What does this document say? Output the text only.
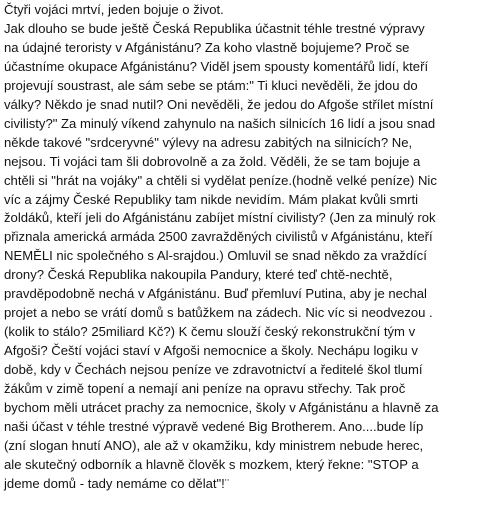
Čtyři vojáci mrtví, jeden bojuje o život.
Jak dlouho se bude ještě Česká Republika účastnit téhle trestné výpravy
na údajné teroristy v Afgánistánu? Za koho vlastně bojujeme? Proč se
účastníme okupace Afgánistánu? Viděl jsem spousty komentářů lidí, kteří
projevují soustrast, ale sám sebe se ptám:" Ti kluci nevěděli, že jdou do
války? Někdo je snad nutil? Oni nevěděli, že jedou do Afgoše střílet místní
civilisty?" Za minulý víkend zahynulo na našich silnicích 16 lidí a jsou snad
někde takové "srdceryvné" výlevy na adresu zabitých na silnicích? Ne,
nejsou. Ti vojáci tam šli dobrovolně a za žold. Věděli, že se tam bojuje a
chtěli si "hrát na vojáky" a chtěli si vydělat peníze.(hodně velké peníze) Nic
víc a zájmy České Republiky tam nikde nevidím. Mám plakat kvůli smrti
žoldáků, kteří jeli do Afgánistánu zabíjet místní civilisty? (Jen za minulý rok
přiznala americká armáda 2500 zavražděných civilistů v Afgánistánu, kteří
NEMĚLI nic společného s Al-srajdou.) Omluvil se snad někdo za vraždící
drony? Česká Republika nakoupila Pandury, které teď chtě-nechtě,
pravděpodobně nechá v Afgánistánu. Buď přemluví Putina, aby je nechal
projet a nebo se vrátí domů s batůžkem na zádech. Nic víc si neodvezou .
(kolik to stálo? 25miliard Kč?) K čemu slouží český rekonstrukční tým v
Afgoši? Čeští vojáci staví v Afgoši nemocnice a školy. Nechápu logiku v
době, kdy v Čechách nejsou peníze ve zdravotnictví a ředitelé škol tlumí
žákům v zimě topení a nemají ani peníze na opravu střechy. Tak proč
bychom měli utrácet prachy za nemocnice, školy v Afgánistánu a hlavně za
naši účast v téhle trestné výpravě vedené Big Brotherem. Ano....bude líp
(zní slogan hnutí ANO), ale až v okamžiku, kdy ministrem nebude herec,
ale skutečný odborník a hlavně člověk s mozkem, který řekne: "STOP a
jdeme domů - tady nemáme co dělat"!¨
